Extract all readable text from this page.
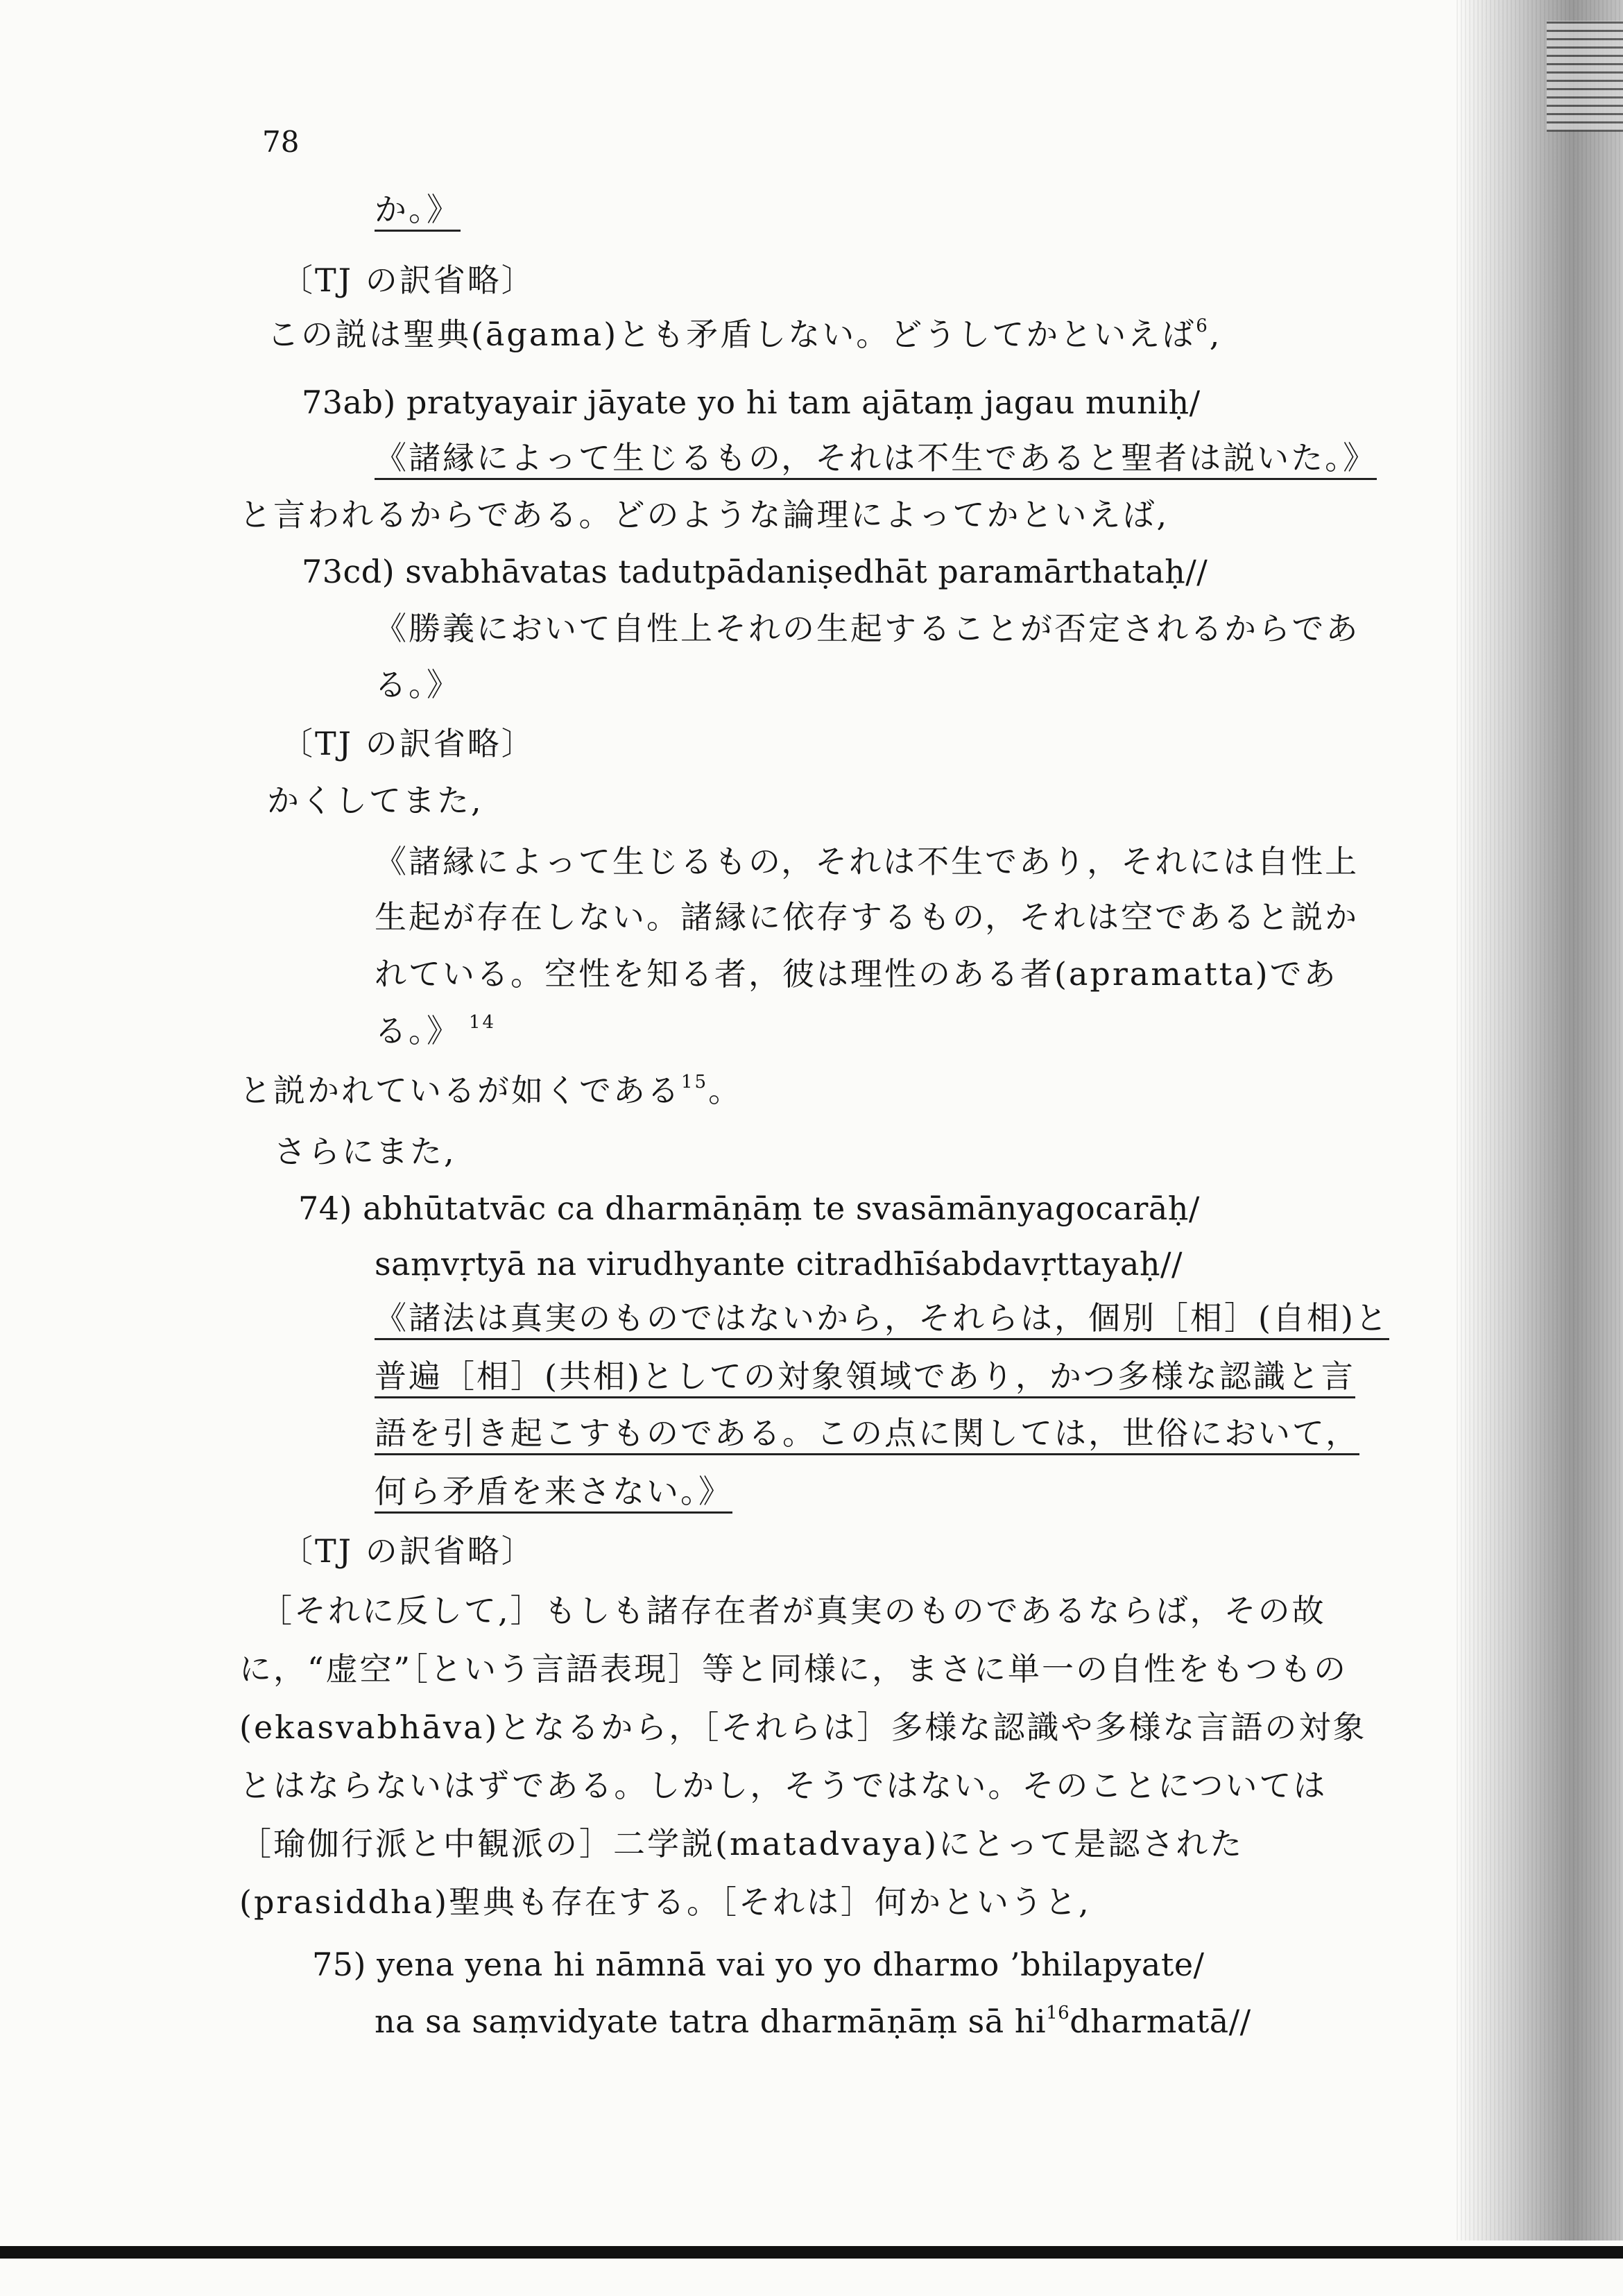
78
か。》
〔TJ の訳省略〕
この説は聖典(āgama)とも矛盾しない。どうしてかといえば$^6$,
73ab) pratyayair jāyate yo hi tam ajātaṃ jagau muniḥ/
《諸縁によって生じるもの，それは不生であると聖者は説いた。》
と言われるからである。どのような論理によってかといえば,
73cd) svabhāvatas tadutpādaniṣedhāt paramārthataḥ//
《勝義において自性上それの生起することが否定されるからであ
る。》
〔TJ の訳省略〕
かくしてまた,
《諸縁によって生じるもの，それは不生であり，それには自性上
生起が存在しない。諸縁に依存するもの，それは空であると説か
れている。空性を知る者，彼は理性のある者(apramatta)であ
る。》 $^{14}$
と説かれているが如くである$^{15}$。
さらにまた,
74) abhūtatvāc ca dharmāṇāṃ te svasāmānyagocarāḥ/
saṃvṛtyā na virudhyante citradhīśabdavṛttayaḥ//
《諸法は真実のものではないから，それらは，個別［相］(自相)と
普遍［相］(共相)としての対象領域であり，かつ多様な認識と言
語を引き起こすものである。この点に関しては，世俗において，
何ら矛盾を来さない。》
〔TJ の訳省略〕
［それに反して,］もしも諸存在者が真実のものであるならば，その故
に，“虚空”［という言語表現］等と同様に，まさに単一の自性をもつもの
(ekasvabhāva)となるから，［それらは］多様な認識や多様な言語の対象
とはならないはずである。しかし，そうではない。そのことについては
［瑜伽行派と中観派の］二学説(matadvaya)にとって是認された
(prasiddha)聖典も存在する。［それは］何かというと,
75) yena yena hi nāmnā vai yo yo dharmo ’bhilapyate/
na sa saṃvidyate tatra dharmāṇāṃ sā $hi^{16}dharmatā//$
